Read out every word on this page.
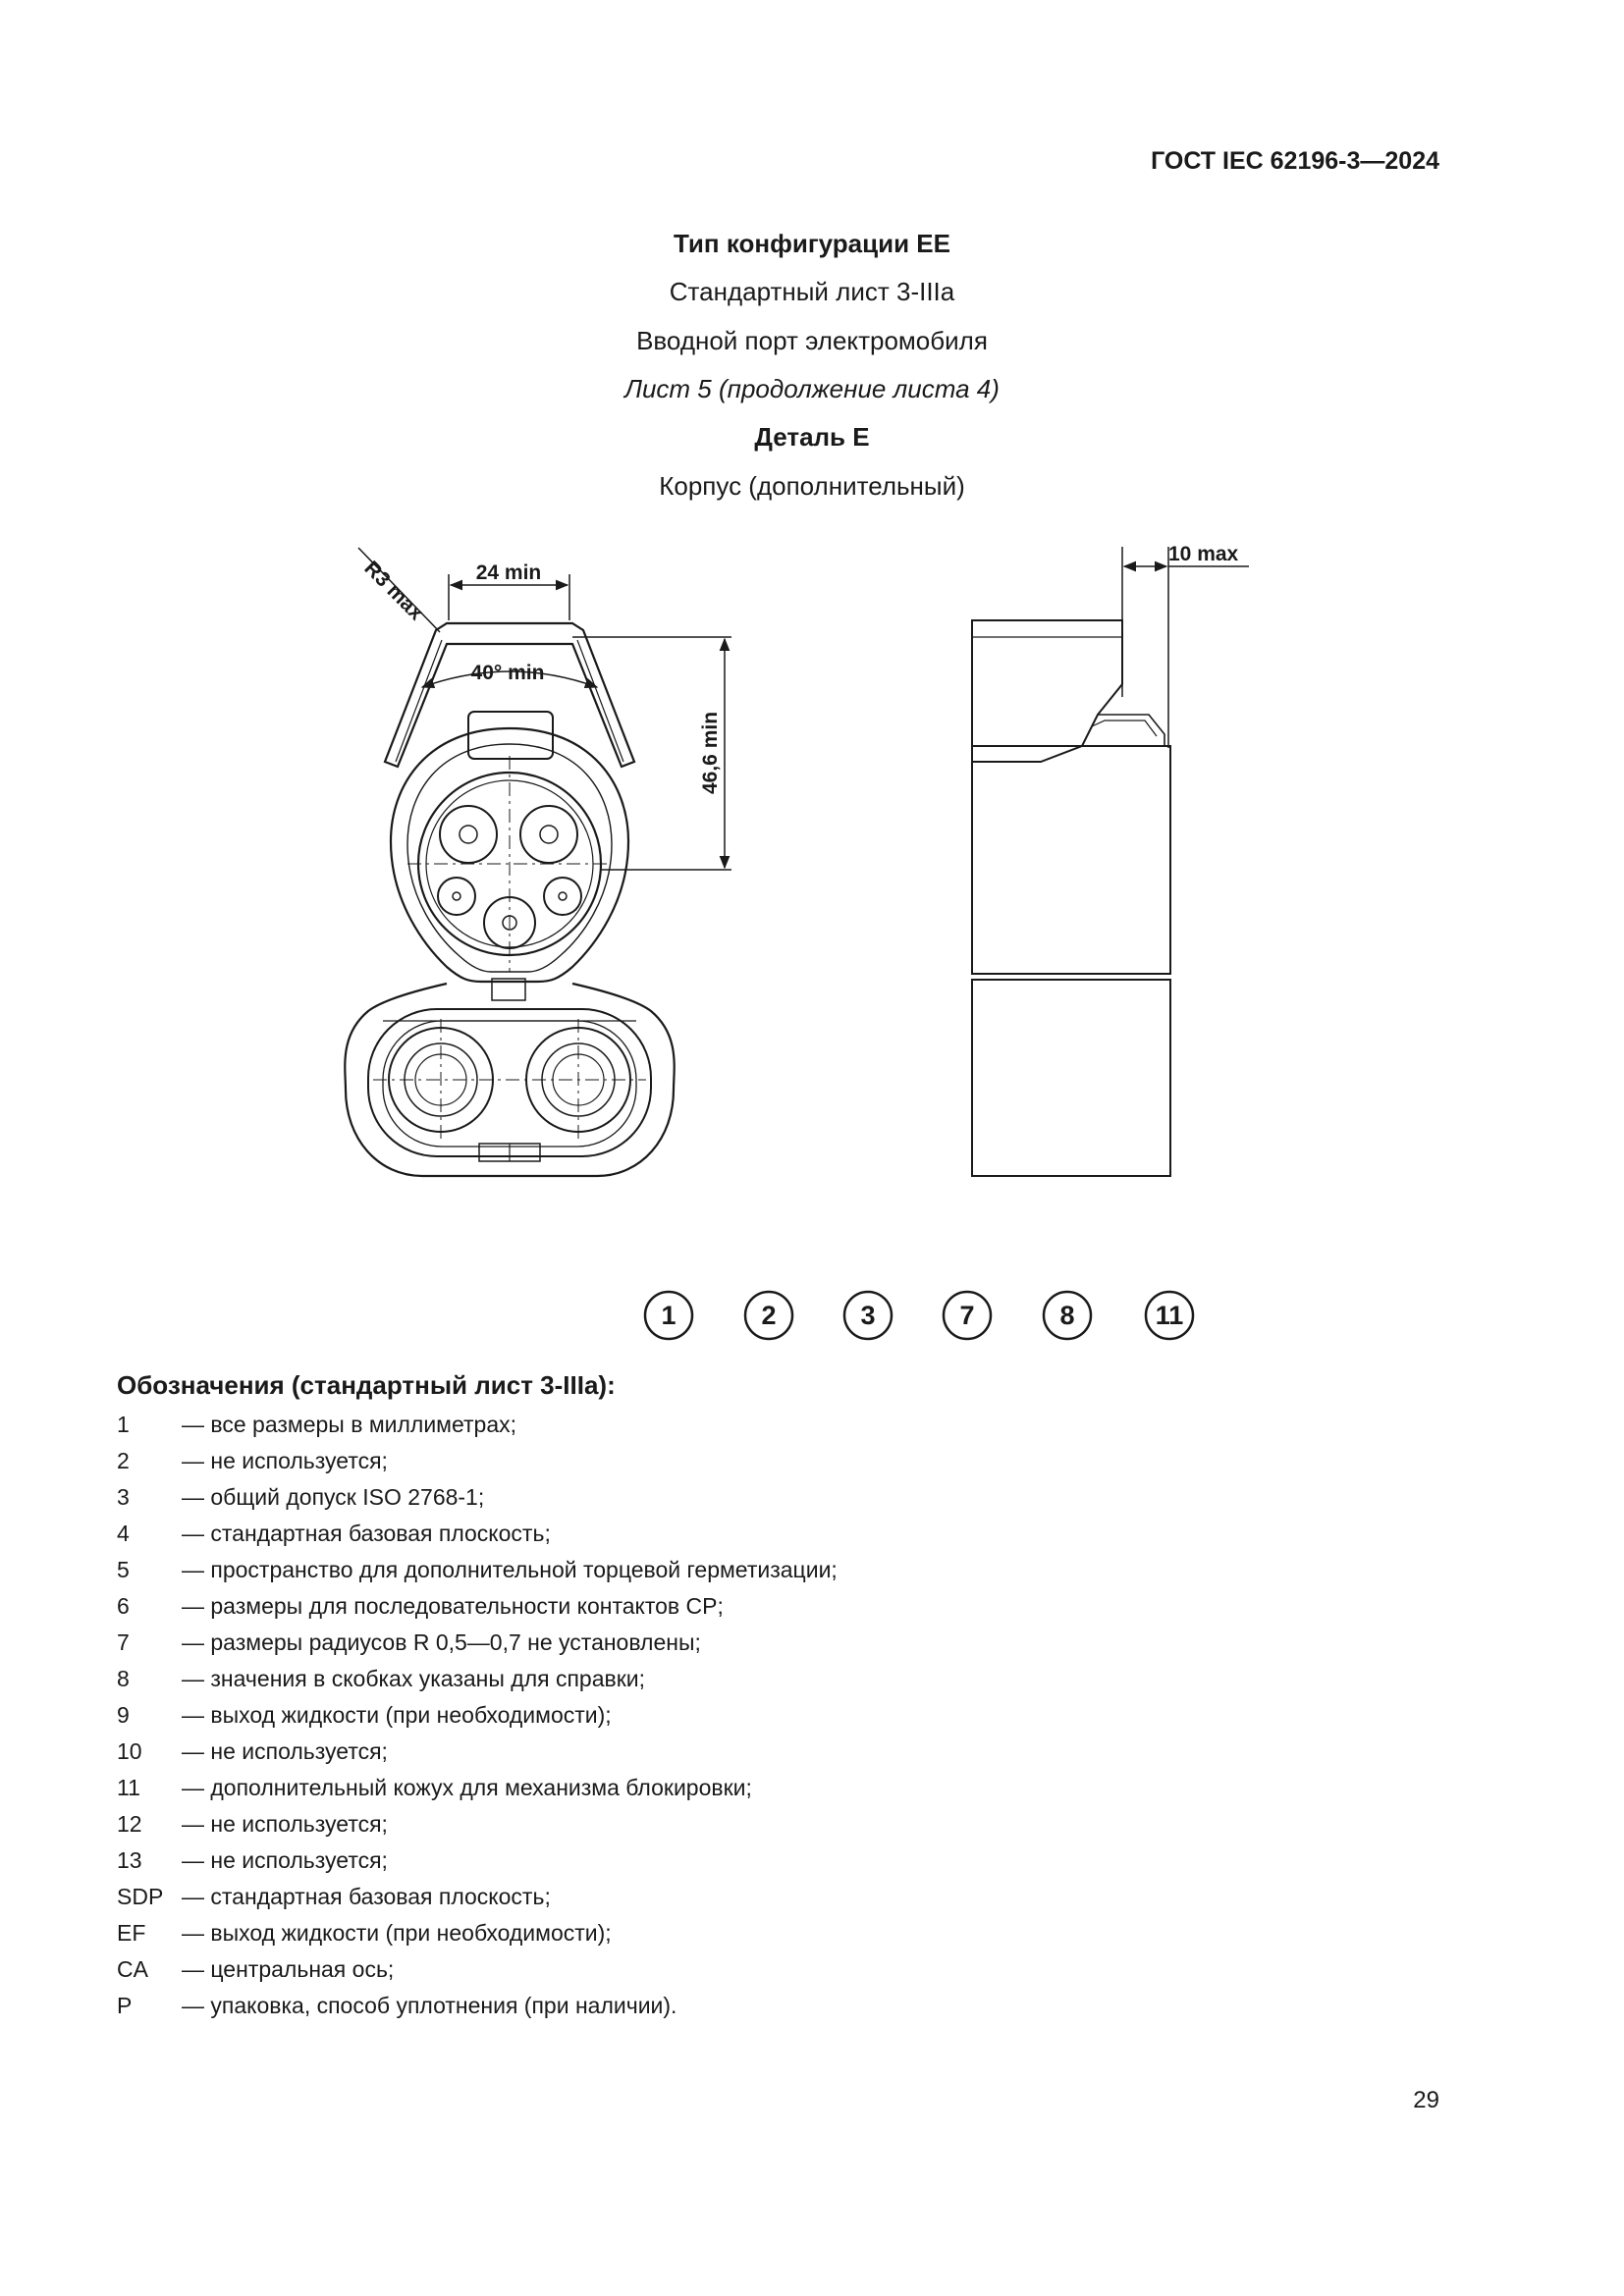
ГОСТ IEC 62196-3—2024
Тип конфигурации ЕЕ
Стандартный лист 3-IIIa
Вводной порт электромобиля
Лист 5 (продолжение листа 4)
Деталь Е
Корпус (дополнительный)
24 min
R3 max
40° min
46,6 min
10 max
1	2	3	7	8	11
Обозначения (стандартный лист 3-IIIa):
1	— все размеры в миллиметрах;
2	— не используется;
3	— общий допуск ISO 2768-1;
4	— стандартная базовая плоскость;
5	— пространство для дополнительной торцевой герметизации;
6	— размеры для последовательности контактов CP;
7	— размеры радиусов R 0,5—0,7 не установлены;
8	— значения в скобках указаны для справки;
9	— выход жидкости (при необходимости);
10	— не используется;
11	— дополнительный кожух для механизма блокировки;
12	— не используется;
13	— не используется;
SDP — стандартная базовая плоскость;
EF	— выход жидкости (при необходимости);
CA	— центральная ось;
P	— упаковка, способ уплотнения (при наличии).
29
